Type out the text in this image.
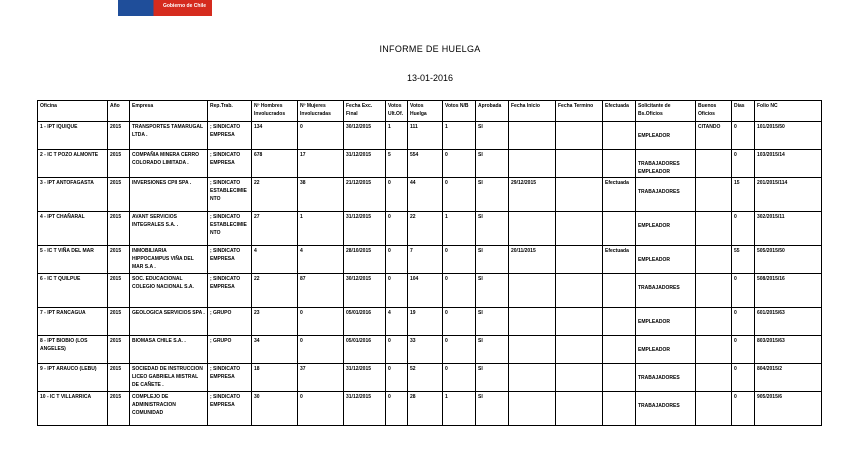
Gobierno de Chile
INFORME DE HUELGA
13-01-2016
Oficina	Año	Empresa	Rep.Trab.	Nº Hombres Involucrados	Nº Mujeres Involucradas	Fecha Exc. Final	Votos Ult.Of.	Votos Huelga	Votos N/B	Aprobada	Fecha Inicio	Fecha Termino	Efectuada	Solicitante de Bs.Oficios	Buenos Oficios	Días	Folio NC
1 - IPT IQUIQUE	2015	TRANSPORTES TAMARUGAL LTDA .	; SINDICATO EMPRESA	134	0	30/12/2015	1	111	1	SI				EMPLEADOR	CITANDO	0	101/2015/50
2 - IC T POZO ALMONTE	2015	COMPAÑIA MINERA CERRO COLORADO LIMITADA .	; SINDICATO EMPRESA	678	17	31/12/2015	5	554	0	SI				TRABAJADORES EMPLEADOR		0	103/2015/14
3 - IPT ANTOFAGASTA	2015	INVERSIONES CPII SPA .	; SINDICATO ESTABLECIMIENTO	22	38	21/12/2015	0	44	0	SI	29/12/2015		Efectuada	TRABAJADORES		15	201/2015/114
4 - IPT CHAÑARAL	2015	AVANT SERVICIOS INTEGRALES S.A. .	; SINDICATO ESTABLECIMIENTO	27	1	31/12/2015	0	22	1	SI				EMPLEADOR		0	302/2015/11
5 - IC T VIÑA DEL MAR	2015	INMOBILIARIA HIPPOCAMPUS VIÑA DEL MAR S.A .	; SINDICATO EMPRESA	4	4	28/10/2015	0	7	0	SI	20/11/2015		Efectuada	EMPLEADOR		55	505/2015/50
6 - IC T QUILPUE	2015	SOC. EDUCACIONAL COLEGIO NACIONAL S.A.	; SINDICATO EMPRESA	22	87	30/12/2015	0	104	0	SI				TRABAJADORES		0	508/2015/16
7 - IPT RANCAGUA	2015	GEOLOGICA SERVICIOS SPA .	; GRUPO	23	0	05/01/2016	4	19	0	SI				EMPLEADOR		0	601/2015/63
8 - IPT BIOBIO (LOS ANGELES)	2015	BIOMASA CHILE S.A. .	; GRUPO	34	0	05/01/2016	0	33	0	SI				EMPLEADOR		0	803/2015/63
9 - IPT ARAUCO (LEBU)	2015	SOCIEDAD DE INSTRUCCION LICEO GABRIELA MISTRAL DE CAÑETE .	; SINDICATO EMPRESA	18	37	31/12/2015	0	52	0	SI				TRABAJADORES		0	804/2015/2
10 - IC T VILLARRICA	2015	COMPLEJO DE ADMINISTRACION COMUNIDAD	; SINDICATO EMPRESA	30	0	31/12/2015	0	28	1	SI				TRABAJADORES		0	905/2015/6
